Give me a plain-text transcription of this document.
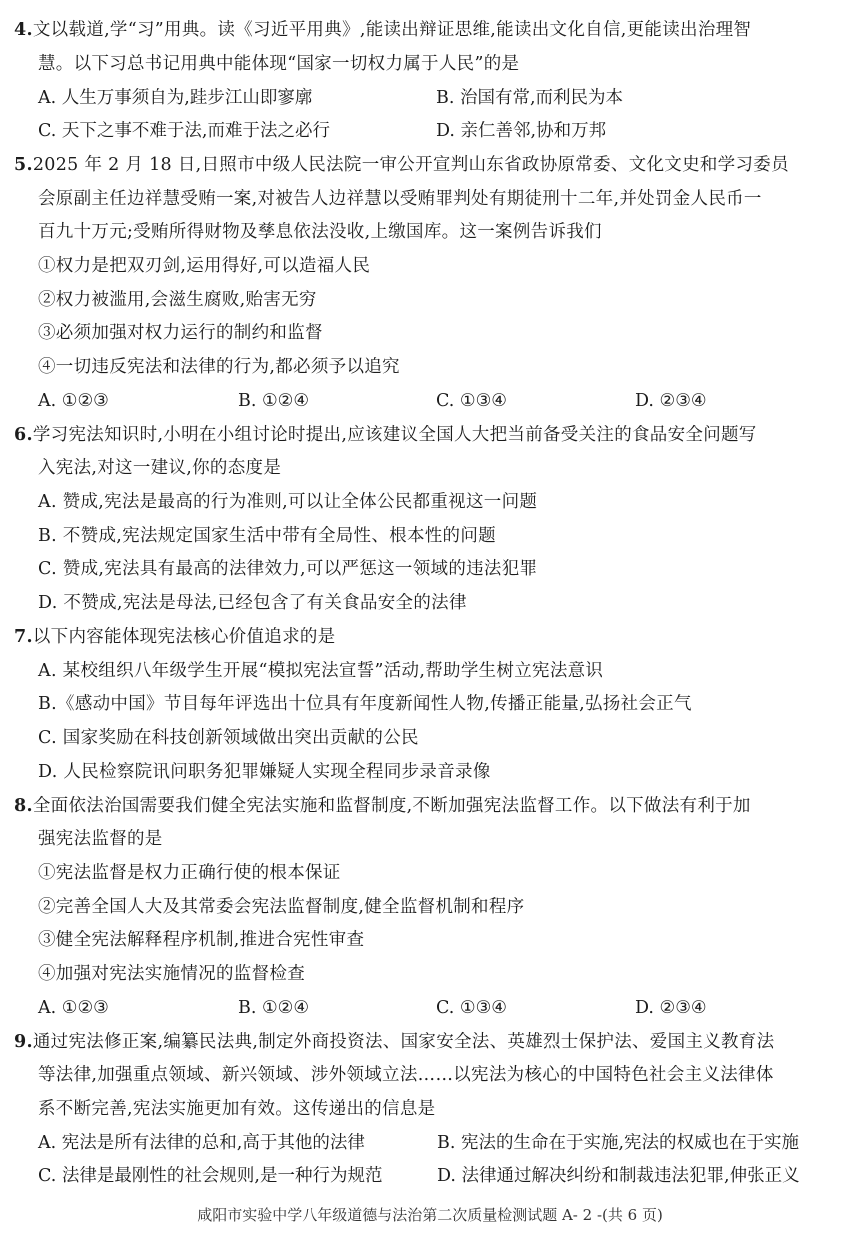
4.文以载道,学“习”用典。读《习近平用典》,能读出辩证思维,能读出文化自信,更能读出治理智
慧。以下习总书记用典中能体现“国家一切权力属于人民”的是
A. 人生万事须自为,跬步江山即寥廓	B. 治国有常,而利民为本
C. 天下之事不难于法,而难于法之必行	D. 亲仁善邻,协和万邦
5.2025 年 2 月 18 日,日照市中级人民法院一审公开宣判山东省政协原常委、文化文史和学习委员
会原副主任边祥慧受贿一案,对被告人边祥慧以受贿罪判处有期徒刑十二年,并处罚金人民币一
百九十万元;受贿所得财物及孳息依法没收,上缴国库。这一案例告诉我们
①权力是把双刃剑,运用得好,可以造福人民
②权力被滥用,会滋生腐败,贻害无穷
③必须加强对权力运行的制约和监督
④一切违反宪法和法律的行为,都必须予以追究
A. ①②③	B. ①②④	C. ①③④	D. ②③④
6.学习宪法知识时,小明在小组讨论时提出,应该建议全国人大把当前备受关注的食品安全问题写
入宪法,对这一建议,你的态度是
A. 赞成,宪法是最高的行为准则,可以让全体公民都重视这一问题
B. 不赞成,宪法规定国家生活中带有全局性、根本性的问题
C. 赞成,宪法具有最高的法律效力,可以严惩这一领域的违法犯罪
D. 不赞成,宪法是母法,已经包含了有关食品安全的法律
7.以下内容能体现宪法核心价值追求的是
A. 某校组织八年级学生开展“模拟宪法宣誓”活动,帮助学生树立宪法意识
B.《感动中国》节目每年评选出十位具有年度新闻性人物,传播正能量,弘扬社会正气
C. 国家奖励在科技创新领域做出突出贡献的公民
D. 人民检察院讯问职务犯罪嫌疑人实现全程同步录音录像
8.全面依法治国需要我们健全宪法实施和监督制度,不断加强宪法监督工作。以下做法有利于加
强宪法监督的是
①宪法监督是权力正确行使的根本保证
②完善全国人大及其常委会宪法监督制度,健全监督机制和程序
③健全宪法解释程序机制,推进合宪性审查
④加强对宪法实施情况的监督检查
A. ①②③	B. ①②④	C. ①③④	D. ②③④
9.通过宪法修正案,编纂民法典,制定外商投资法、国家安全法、英雄烈士保护法、爱国主义教育法
等法律,加强重点领域、新兴领域、涉外领域立法……以宪法为核心的中国特色社会主义法律体
系不断完善,宪法实施更加有效。这传递出的信息是
A. 宪法是所有法律的总和,高于其他的法律	B. 宪法的生命在于实施,宪法的权威也在于实施
C. 法律是最刚性的社会规则,是一种行为规范	D. 法律通过解决纠纷和制裁违法犯罪,伸张正义
咸阳市实验中学八年级道德与法治第二次质量检测试题 A- 2 -(共 6 页)
